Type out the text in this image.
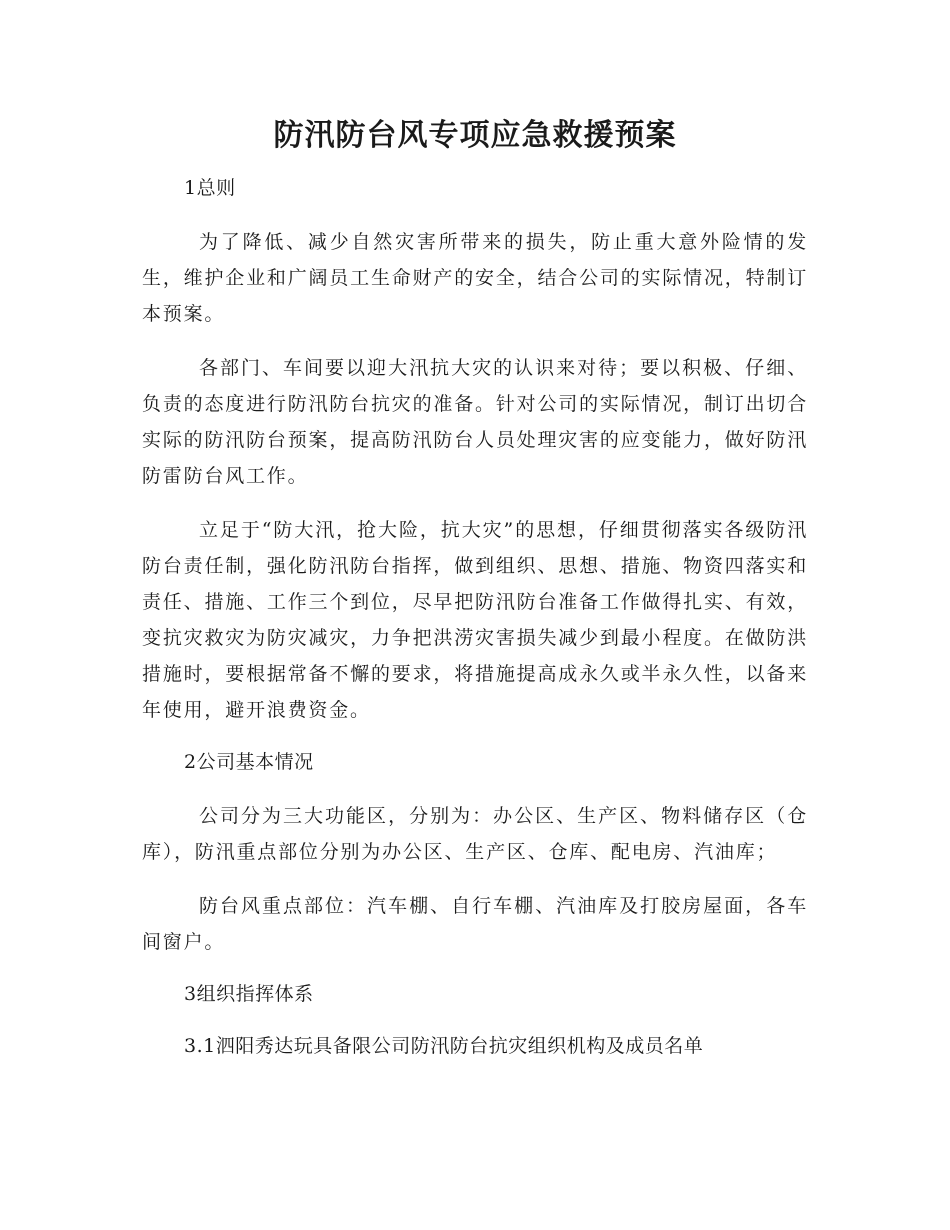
防汛防台风专项应急救援预案
1总则

为了降低、减少自然灾害所带来的损失，防止重大意外险情的发生，维护企业和广阔员工生命财产的安全，结合公司的实际情况，特制订本预案。

各部门、车间要以迎大汛抗大灾的认识来对待；要以积极、仔细、负责的态度进行防汛防台抗灾的准备。针对公司的实际情况，制订出切合实际的防汛防台预案，提高防汛防台人员处理灾害的应变能力，做好防汛防雷防台风工作。

立足于“防大汛，抢大险，抗大灾”的思想，仔细贯彻落实各级防汛防台责任制，强化防汛防台指挥，做到组织、思想、措施、物资四落实和责任、措施、工作三个到位，尽早把防汛防台准备工作做得扎实、有效，变抗灾救灾为防灾减灾，力争把洪涝灾害损失减少到最小程度。在做防洪措施时，要根据常备不懈的要求，将措施提高成永久或半永久性，以备来年使用，避开浪费资金。

2公司基本情况

公司分为三大功能区，分别为：办公区、生产区、物料储存区（仓库），防汛重点部位分别为办公区、生产区、仓库、配电房、汽油库；

防台风重点部位：汽车棚、自行车棚、汽油库及打胶房屋面，各车间窗户。

3组织指挥体系
3.1泗阳秀达玩具备限公司防汛防台抗灾组织机构及成员名单
